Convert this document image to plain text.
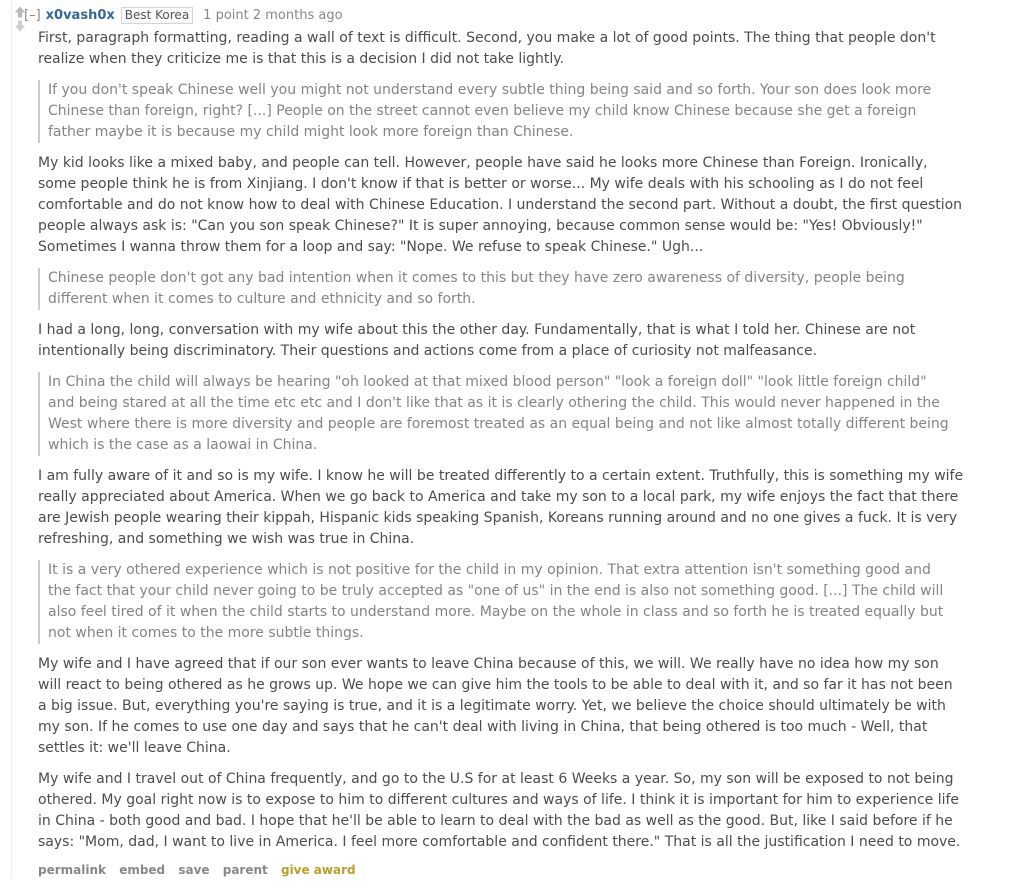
[–] x0vash0x Best Korea 1 point 2 months ago

First, paragraph formatting, reading a wall of text is difficult. Second, you make a lot of good points. The thing that people don't realize when they criticize me is that this is a decision I did not take lightly.

If you don't speak Chinese well you might not understand every subtle thing being said and so forth. Your son does look more Chinese than foreign, right? [...] People on the street cannot even believe my child know Chinese because she get a foreign father maybe it is because my child might look more foreign than Chinese.

My kid looks like a mixed baby, and people can tell. However, people have said he looks more Chinese than Foreign. Ironically, some people think he is from Xinjiang. I don't know if that is better or worse... My wife deals with his schooling as I do not feel comfortable and do not know how to deal with Chinese Education. I understand the second part. Without a doubt, the first question people always ask is: "Can you son speak Chinese?" It is super annoying, because common sense would be: "Yes! Obviously!" Sometimes I wanna throw them for a loop and say: "Nope. We refuse to speak Chinese." Ugh...

Chinese people don't got any bad intention when it comes to this but they have zero awareness of diversity, people being different when it comes to culture and ethnicity and so forth.

I had a long, long, conversation with my wife about this the other day. Fundamentally, that is what I told her. Chinese are not intentionally being discriminatory. Their questions and actions come from a place of curiosity not malfeasance.

In China the child will always be hearing "oh looked at that mixed blood person" "look a foreign doll" "look little foreign child" and being stared at all the time etc etc and I don't like that as it is clearly othering the child. This would never happened in the West where there is more diversity and people are foremost treated as an equal being and not like almost totally different being which is the case as a laowai in China.

I am fully aware of it and so is my wife. I know he will be treated differently to a certain extent. Truthfully, this is something my wife really appreciated about America. When we go back to America and take my son to a local park, my wife enjoys the fact that there are Jewish people wearing their kippah, Hispanic kids speaking Spanish, Koreans running around and no one gives a fuck. It is very refreshing, and something we wish was true in China.

It is a very othered experience which is not positive for the child in my opinion. That extra attention isn't something good and the fact that your child never going to be truly accepted as "one of us" in the end is also not something good. [...] The child will also feel tired of it when the child starts to understand more. Maybe on the whole in class and so forth he is treated equally but not when it comes to the more subtle things.

My wife and I have agreed that if our son ever wants to leave China because of this, we will. We really have no idea how my son will react to being othered as he grows up. We hope we can give him the tools to be able to deal with it, and so far it has not been a big issue. But, everything you're saying is true, and it is a legitimate worry. Yet, we believe the choice should ultimately be with my son. If he comes to use one day and says that he can't deal with living in China, that being othered is too much - Well, that settles it: we'll leave China.

My wife and I travel out of China frequently, and go to the U.S for at least 6 Weeks a year. So, my son will be exposed to not being othered. My goal right now is to expose to him to different cultures and ways of life. I think it is important for him to experience life in China - both good and bad. I hope that he'll be able to learn to deal with the bad as well as the good. But, like I said before if he says: "Mom, dad, I want to live in America. I feel more comfortable and confident there." That is all the justification I need to move.

permalink embed save parent give award
